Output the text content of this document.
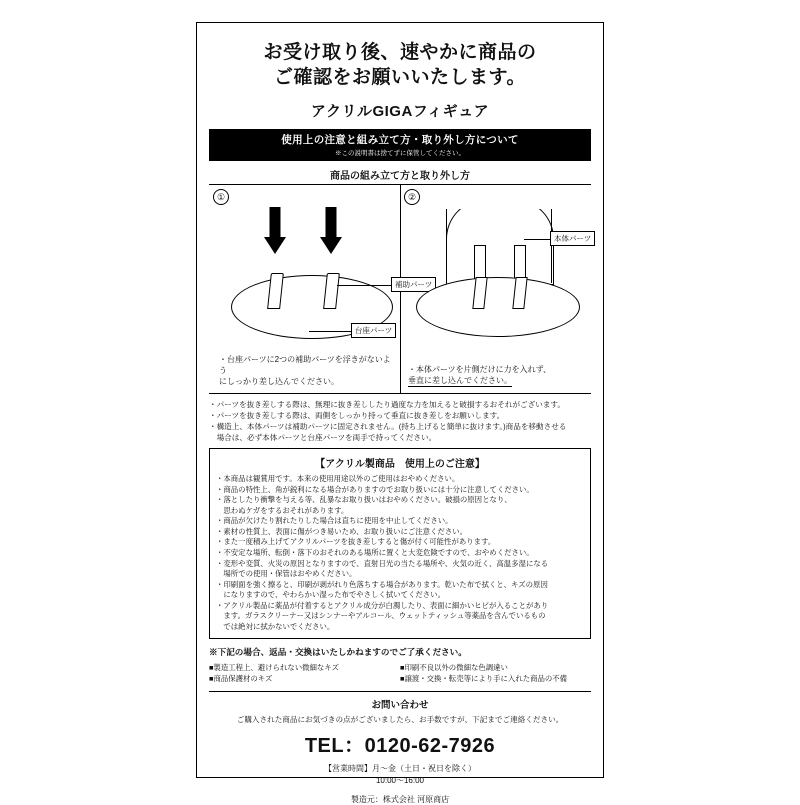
お受け取り後、速やかに商品の
ご確認をお願いいたします。
アクリルGIGAフィギュア
使用上の注意と組み立て方・取り外し方について
※この説明書は捨てずに保管してください。
商品の組み立て方と取り外し方
①
補助パーツ
台座パーツ
・台座パーツに2つの補助パーツを浮きがないよう
にしっかり差し込んでください。
②
本体パーツ
・本体パーツを片側だけに力を入れず、
垂直に差し込んでください。

・パーツを抜き差しする際は、無理に抜き差ししたり過度な力を加えると破損するおそれがございます。

・パーツを抜き差しする際は、両側をしっかり持って垂直に抜き差しをお願いします。

・構造上、本体パーツは補助パーツに固定されません。(持ち上げると簡単に抜けます。)商品を移動させる

　場合は、必ず本体パーツと台座パーツを両手で持ってください。

【アクリル製商品　使用上のご注意】

・本商品は観賞用です。本来の使用用途以外のご使用はおやめください。

・商品の特性上、角が鋭利になる場合がありますのでお取り扱いには十分に注意してください。

・落としたり衝撃を与える等、乱暴なお取り扱いはおやめください。破損の原因となり、

　思わぬケガをするおそれがあります。

・商品が欠けたり割れたりした場合は直ちに使用を中止してください。

・素材の性質上、表面に傷がつき易いため、お取り扱いにご注意ください。

・また一度積み上げてアクリルパーツを抜き差しすると傷が付く可能性があります。

・不安定な場所、転倒・落下のおそれのある場所に置くと大変危険ですので、おやめください。

・変形や変質、火災の原因となりますので、直射日光の当たる場所や、火気の近く、高温多湿になる

　場所での使用・保管はおやめください。

・印刷面を強く擦ると、印刷が剥がれり色落ちする場合があります。乾いた布で拭くと、キズの原因

　になりますので、やわらかい湿った布でやさしく拭いてください。

・アクリル製品に薬品が付着するとアクリル成分が白濁したり、表面に細かいヒビが入ることがあり

　ます。ガラスクリーナー又はシンナーやアルコール、ウェットティッシュ等薬品を含んでいるもの

　では絶対に拭かないでください。

※下記の場合、返品・交換はいたしかねますのでご了承ください。
■製造工程上、避けられない微細なキズ	■印刷不良以外の微細な色調違い
■商品保護材のキズ	■譲渡・交換・転売等により手に入れた商品の不備
お問い合わせ
ご購入された商品にお気づきの点がございましたら、お手数ですが、下記までご連絡ください。
TEL：0120-62-7926
【営業時間】月～金（土日・祝日を除く）
10:00～16:00
製造元：株式会社 河原商店
